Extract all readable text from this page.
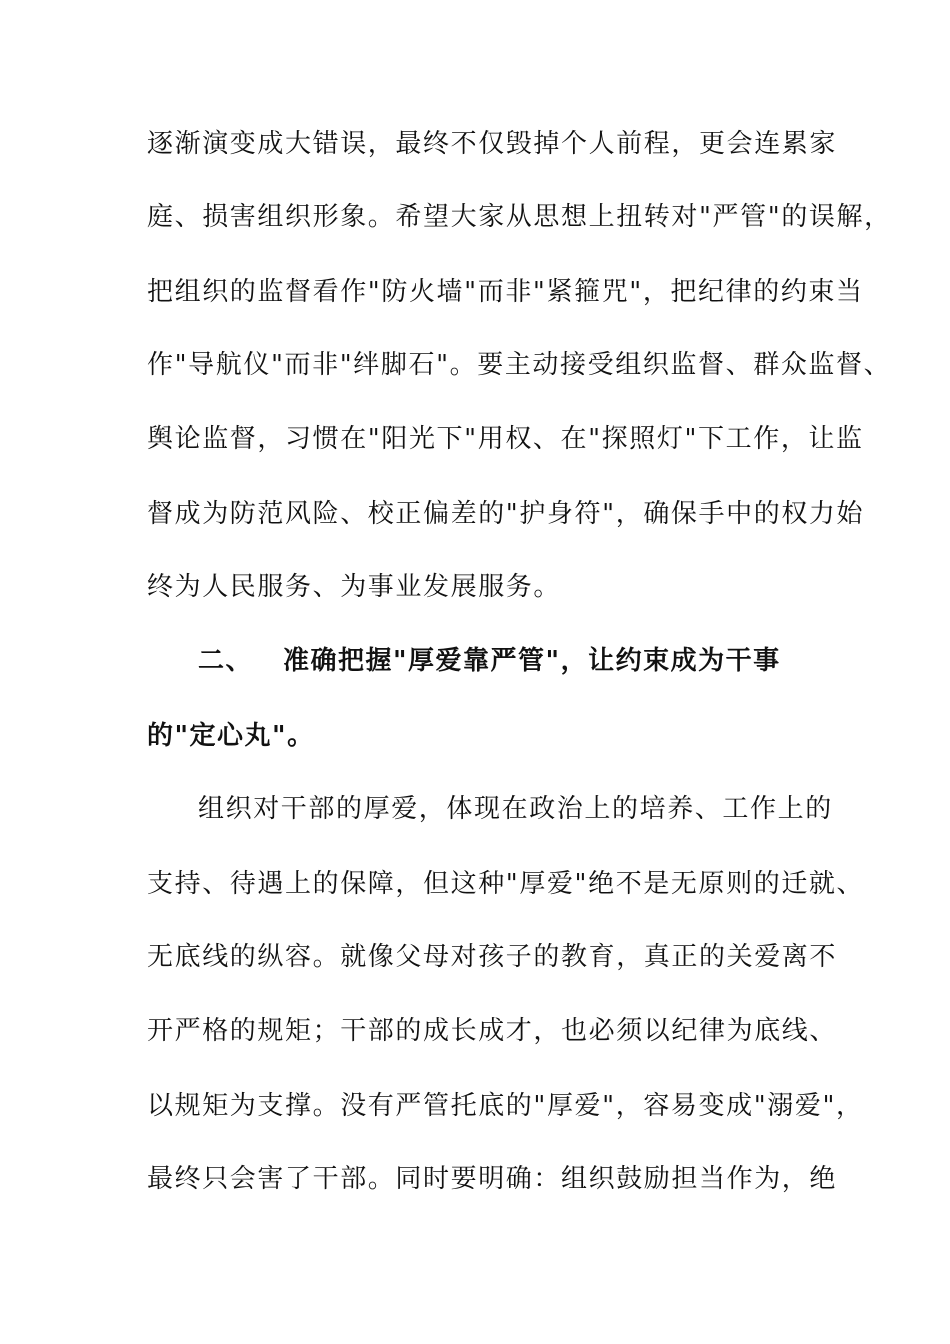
逐渐演变成大错误，最终不仅毁掉个人前程，更会连累家
庭、损害组织形象。希望大家从思想上扭转对"严管"的误解，
把组织的监督看作"防火墙"而非"紧箍咒"，把纪律的约束当
作"导航仪"而非"绊脚石"。要主动接受组织监督、群众监督、
舆论监督，习惯在"阳光下"用权、在"探照灯"下工作，让监
督成为防范风险、校正偏差的"护身符"，确保手中的权力始
终为人民服务、为事业发展服务。
二、 准确把握"厚爱靠严管"，让约束成为干事
的"定心丸"。
组织对干部的厚爱，体现在政治上的培养、工作上的
支持、待遇上的保障，但这种"厚爱"绝不是无原则的迁就、
无底线的纵容。就像父母对孩子的教育，真正的关爱离不
开严格的规矩；干部的成长成才，也必须以纪律为底线、
以规矩为支撑。没有严管托底的"厚爱"，容易变成"溺爱"，
最终只会害了干部。同时要明确：组织鼓励担当作为，绝
